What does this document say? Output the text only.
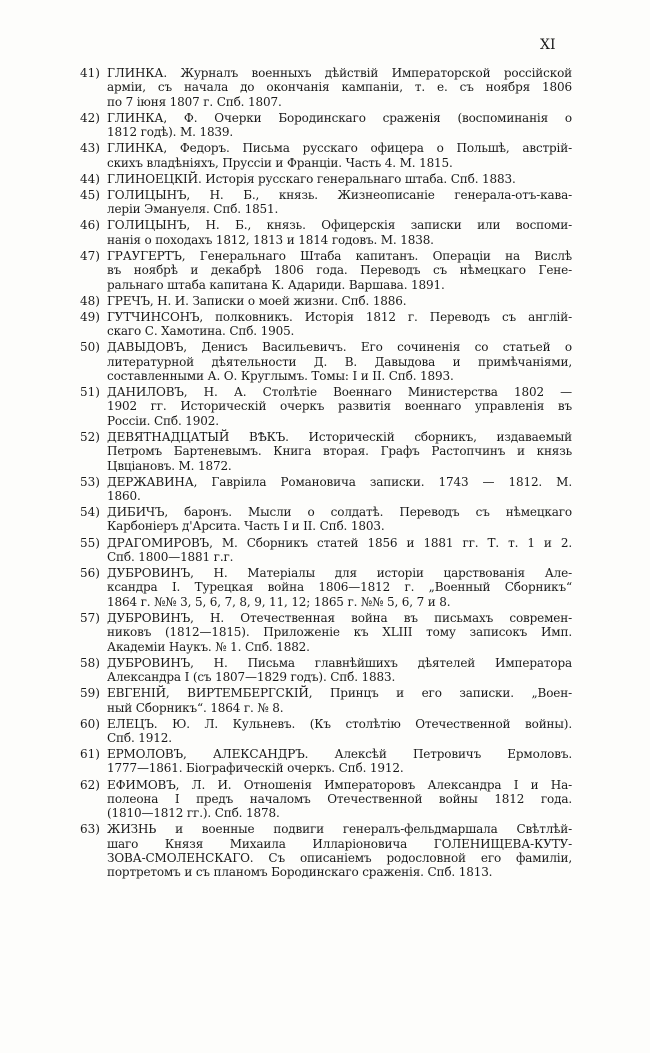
XI
41) ГЛИНКА. Журналъ военныхъ дѣйствій Императорской россійской
арміи, съ начала до окончанія кампаніи, т. е. съ ноября 1806
по 7 іюня 1807 г. Спб. 1807.
42) ГЛИНКА, Ф. Очерки Бородинскаго сраженія (воспоминанія о
1812 годѣ). М. 1839.
43) ГЛИНКА, Федоръ. Письма русскаго офицера о Польшѣ, австрій-
скихъ владѣніяхъ, Пруссіи и Франціи. Часть 4. М. 1815.
44) ГЛИНОЕЦКІЙ. Исторія русскаго генеральнаго штаба. Спб. 1883.
45) ГОЛИЦЫНЪ, Н. Б., князь. Жизнеописаніе генерала-отъ-кава-
леріи Эмануеля. Спб. 1851.
46) ГОЛИЦЫНЪ, Н. Б., князь. Офицерскія записки или воспоми-
нанія о походахъ 1812, 1813 и 1814 годовъ. М. 1838.
47) ГРАУГЕРТЪ, Генеральнаго Штаба капитанъ. Операціи на Вислѣ
въ ноябрѣ и декабрѣ 1806 года. Переводъ съ нѣмецкаго Гене-
ральнаго штаба капитана К. Адариди. Варшава. 1891.
48) ГРЕЧЪ, Н. И. Записки о моей жизни. Спб. 1886.
49) ГУТЧИНСОНЪ, полковникъ. Исторія 1812 г. Переводъ съ англій-
скаго С. Хамотина. Спб. 1905.
50) ДАВЫДОВЪ, Денисъ Васильевичъ. Его сочиненія со статьей о
литературной дѣятельности Д. В. Давыдова и примѣчаніями,
составленными А. О. Круглымъ. Томы: I и II. Спб. 1893.
51) ДАНИЛОВЪ, Н. А. Столѣтіе Военнаго Министерства 1802 —
1902 гг. Историческій очеркъ развитія военнаго управленія въ
Россіи. Спб. 1902.
52) ДЕВЯТНАДЦАТЫЙ ВѢКЪ. Историческій сборникъ, издаваемый
Петромъ Бартеневымъ. Книга вторая. Графъ Растопчинъ и князь
Цвціановъ. М. 1872.
53) ДЕРЖАВИНА, Гавріила Романовича записки. 1743 — 1812. М.
1860.
54) ДИБИЧЪ, баронъ. Мысли о солдатѣ. Переводъ съ нѣмецкаго
Карбоніеръ д'Арсита. Часть I и II. Спб. 1803.
55) ДРАГОМИРОВЪ, М. Сборникъ статей 1856 и 1881 гг. Т. т. 1 и 2.
Спб. 1800—1881 г.г.
56) ДУБРОВИНЪ, Н. Матеріалы для исторіи царствованія Але-
ксандра I. Турецкая война 1806—1812 г. „Военный Сборникъ“
1864 г. №№ 3, 5, 6, 7, 8, 9, 11, 12; 1865 г. №№ 5, 6, 7 и 8.
57) ДУБРОВИНЪ, Н. Отечественная война въ письмахъ современ-
никовъ (1812—1815). Приложеніе къ XLIII тому записокъ Имп.
Академіи Наукъ. № 1. Спб. 1882.
58) ДУБРОВИНЪ, Н. Письма главнѣйшихъ дѣятелей Императора
Александра I (съ 1807—1829 годъ). Спб. 1883.
59) ЕВГЕНІЙ, ВИРТЕМБЕРГСКІЙ, Принцъ и его записки. „Воен-
ный Сборникъ“. 1864 г. № 8.
60) ЕЛЕЦЪ. Ю. Л. Кульневъ. (Къ столѣтію Отечественной войны).
Спб. 1912.
61) ЕРМОЛОВЪ, АЛЕКСАНДРЪ. Алексѣй Петровичъ Ермоловъ.
1777—1861. Біографическій очеркъ. Спб. 1912.
62) ЕФИМОВЪ, Л. И. Отношенія Императоровъ Александра I и На-
полеона I предъ началомъ Отечественной войны 1812 года.
(1810—1812 гг.). Спб. 1878.
63) ЖИЗНЬ и военные подвиги генералъ-фельдмаршала Свѣтлѣй-
шаго Князя Михаила Илларіоновича ГОЛЕНИЩЕВА-КУТУ-
ЗОВА-СМОЛЕНСКАГО. Съ описаніемъ родословной его фамиліи,
портретомъ и съ планомъ Бородинскаго сраженія. Спб. 1813.
